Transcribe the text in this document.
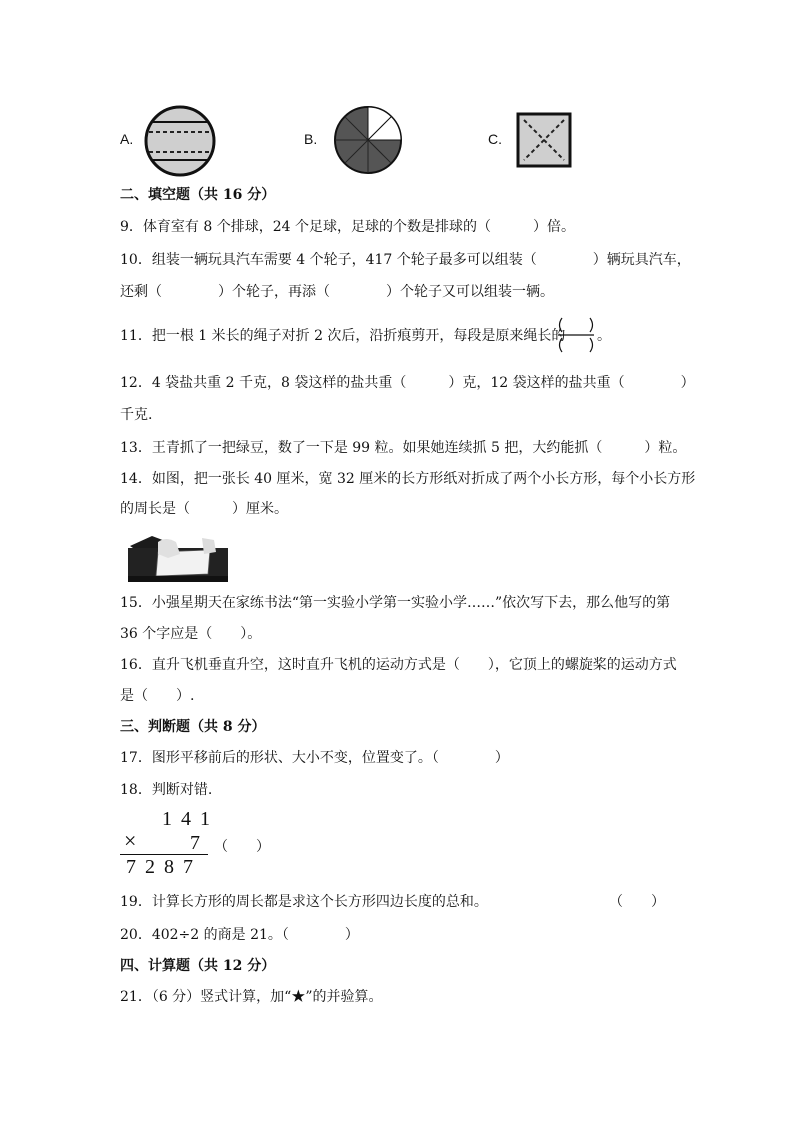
A.	B.	C.
二、填空题（共 16 分）
9．体育室有 8 个排球，24 个足球，足球的个数是排球的（　　　）倍。
10．组装一辆玩具汽车需要 4 个轮子，417 个轮子最多可以组装（　　　　）辆玩具汽车，
还剩（　　　　）个轮子，再添（　　　　）个轮子又可以组装一辆。
11．把一根 1 米长的绳子对折 2 次后，沿折痕剪开，每段是原来绳长的 。
12．4 袋盐共重 2 千克，8 袋这样的盐共重（　　　）克，12 袋这样的盐共重（　　　　）
千克.
13．王青抓了一把绿豆，数了一下是 99 粒。如果她连续抓 5 把，大约能抓（　　　）粒。
14．如图，把一张长 40 厘米，宽 32 厘米的长方形纸对折成了两个小长方形，每个小长方形
的周长是（　　　）厘米。
15．小强星期天在家练书法“第一实验小学第一实验小学……”依次写下去，那么他写的第
36 个字应是（　　）。
16．直升飞机垂直升空，这时直升飞机的运动方式是（　　），它顶上的螺旋桨的运动方式
是（　　）.
三、判断题（共 8 分）
17．图形平移前后的形状、大小不变，位置变了。（　　　　）
18．判断对错.
1 4 1
×	7
7 2 8 7
（　　）
19．计算长方形的周长都是求这个长方形四边长度的总和。	（　　）
20．402÷2 的商是 21。（　　　　）
四、计算题（共 12 分）
21．（6 分）竖式计算，加“★”的并验算。
